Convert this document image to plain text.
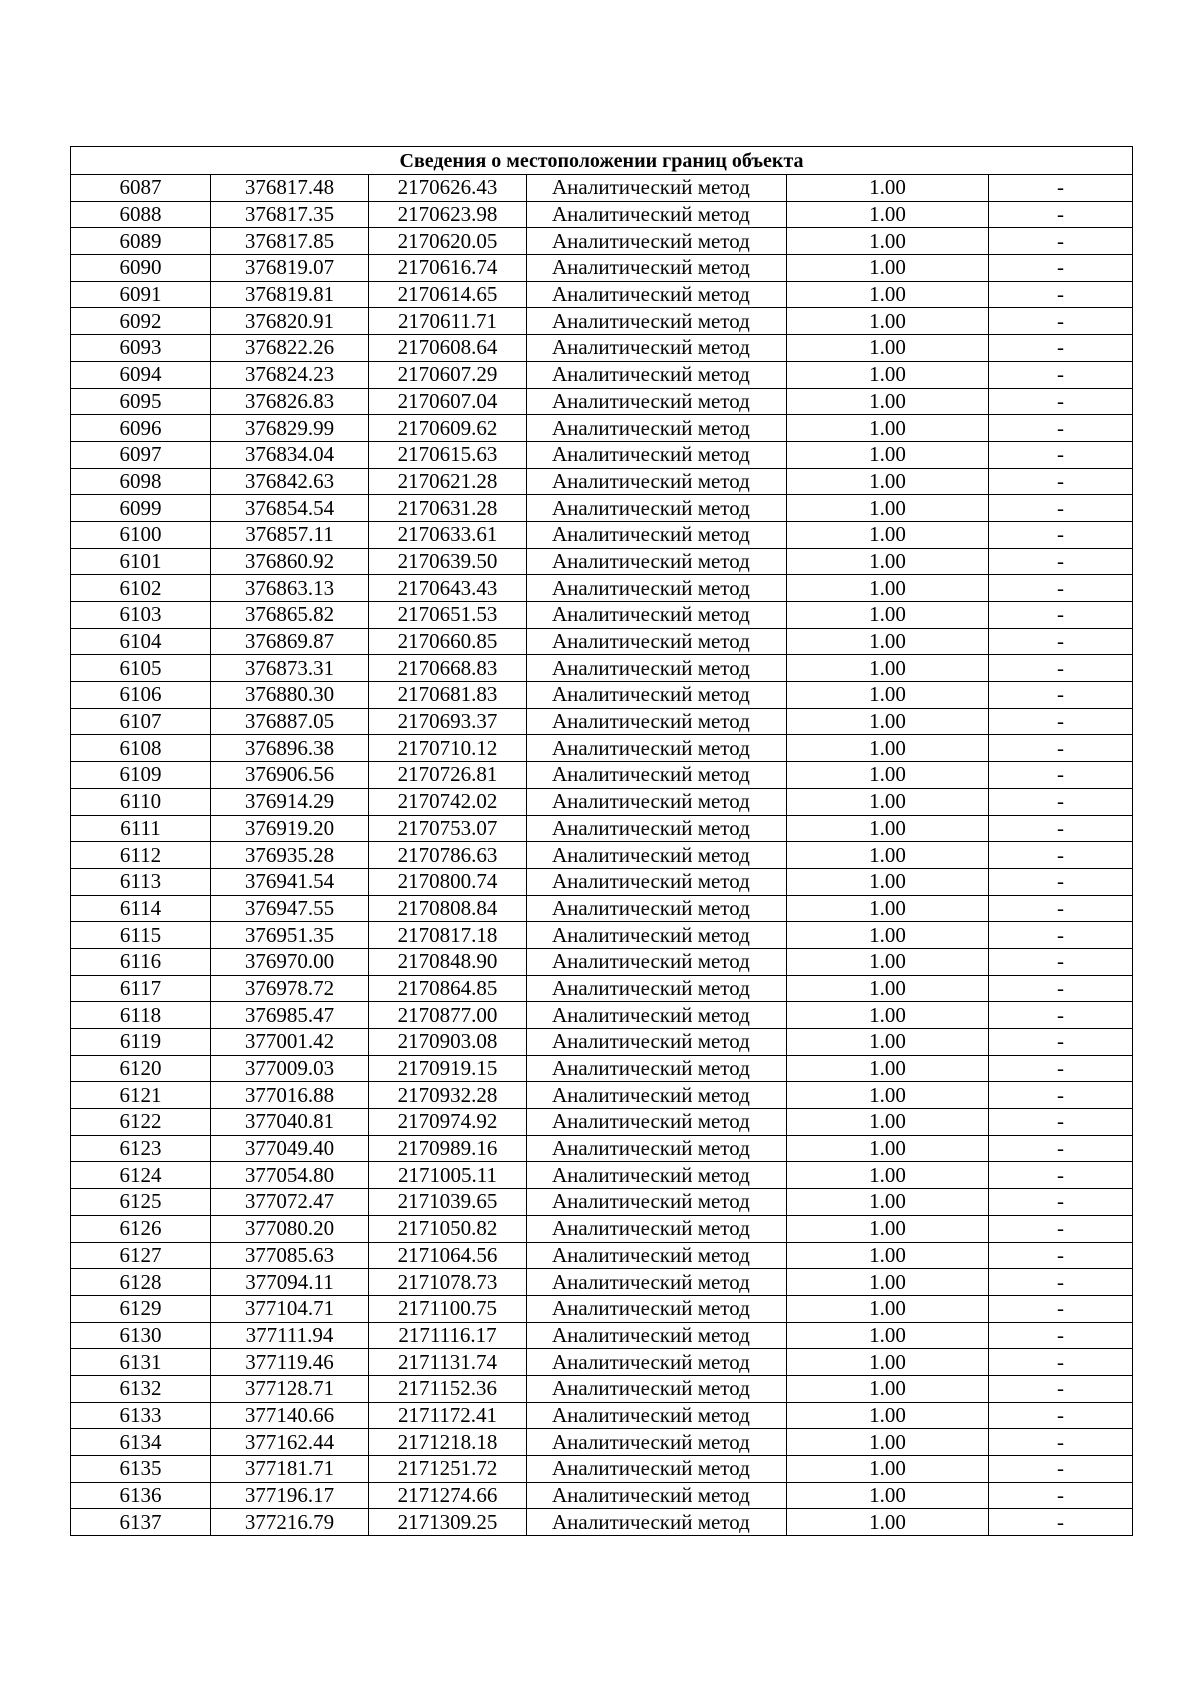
Сведения о местоположении границ объекта					
6087	376817.48	2170626.43	Аналитический метод	1.00	-
6088	376817.35	2170623.98	Аналитический метод	1.00	-
6089	376817.85	2170620.05	Аналитический метод	1.00	-
6090	376819.07	2170616.74	Аналитический метод	1.00	-
6091	376819.81	2170614.65	Аналитический метод	1.00	-
6092	376820.91	2170611.71	Аналитический метод	1.00	-
6093	376822.26	2170608.64	Аналитический метод	1.00	-
6094	376824.23	2170607.29	Аналитический метод	1.00	-
6095	376826.83	2170607.04	Аналитический метод	1.00	-
6096	376829.99	2170609.62	Аналитический метод	1.00	-
6097	376834.04	2170615.63	Аналитический метод	1.00	-
6098	376842.63	2170621.28	Аналитический метод	1.00	-
6099	376854.54	2170631.28	Аналитический метод	1.00	-
6100	376857.11	2170633.61	Аналитический метод	1.00	-
6101	376860.92	2170639.50	Аналитический метод	1.00	-
6102	376863.13	2170643.43	Аналитический метод	1.00	-
6103	376865.82	2170651.53	Аналитический метод	1.00	-
6104	376869.87	2170660.85	Аналитический метод	1.00	-
6105	376873.31	2170668.83	Аналитический метод	1.00	-
6106	376880.30	2170681.83	Аналитический метод	1.00	-
6107	376887.05	2170693.37	Аналитический метод	1.00	-
6108	376896.38	2170710.12	Аналитический метод	1.00	-
6109	376906.56	2170726.81	Аналитический метод	1.00	-
6110	376914.29	2170742.02	Аналитический метод	1.00	-
6111	376919.20	2170753.07	Аналитический метод	1.00	-
6112	376935.28	2170786.63	Аналитический метод	1.00	-
6113	376941.54	2170800.74	Аналитический метод	1.00	-
6114	376947.55	2170808.84	Аналитический метод	1.00	-
6115	376951.35	2170817.18	Аналитический метод	1.00	-
6116	376970.00	2170848.90	Аналитический метод	1.00	-
6117	376978.72	2170864.85	Аналитический метод	1.00	-
6118	376985.47	2170877.00	Аналитический метод	1.00	-
6119	377001.42	2170903.08	Аналитический метод	1.00	-
6120	377009.03	2170919.15	Аналитический метод	1.00	-
6121	377016.88	2170932.28	Аналитический метод	1.00	-
6122	377040.81	2170974.92	Аналитический метод	1.00	-
6123	377049.40	2170989.16	Аналитический метод	1.00	-
6124	377054.80	2171005.11	Аналитический метод	1.00	-
6125	377072.47	2171039.65	Аналитический метод	1.00	-
6126	377080.20	2171050.82	Аналитический метод	1.00	-
6127	377085.63	2171064.56	Аналитический метод	1.00	-
6128	377094.11	2171078.73	Аналитический метод	1.00	-
6129	377104.71	2171100.75	Аналитический метод	1.00	-
6130	377111.94	2171116.17	Аналитический метод	1.00	-
6131	377119.46	2171131.74	Аналитический метод	1.00	-
6132	377128.71	2171152.36	Аналитический метод	1.00	-
6133	377140.66	2171172.41	Аналитический метод	1.00	-
6134	377162.44	2171218.18	Аналитический метод	1.00	-
6135	377181.71	2171251.72	Аналитический метод	1.00	-
6136	377196.17	2171274.66	Аналитический метод	1.00	-
6137	377216.79	2171309.25	Аналитический метод	1.00	-
